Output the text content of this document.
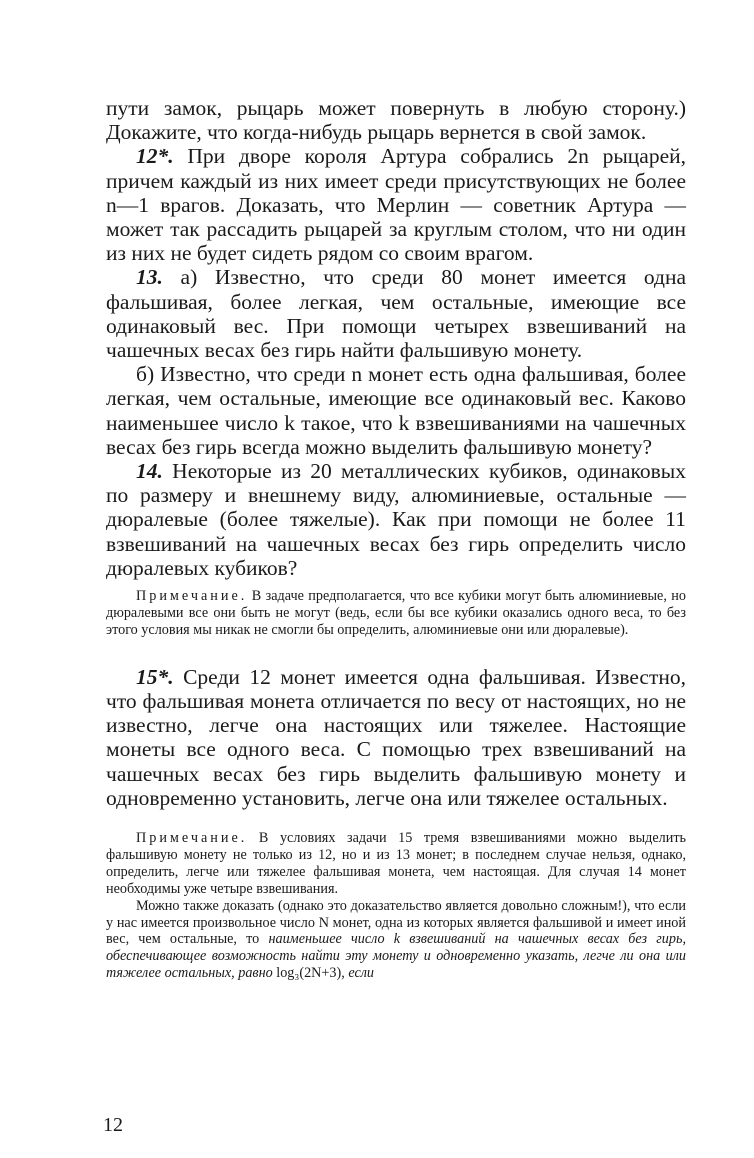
пути замок, рыцарь может повернуть в любую сторону.) Докажите, что когда-нибудь рыцарь вернется в свой замок.

12*. При дворе короля Артура собрались 2n рыцарей, причем каждый из них имеет среди присутствующих не более n—1 врагов. Доказать, что Мерлин — советник Артура — может так рассадить рыцарей за круглым столом, что ни один из них не будет сидеть рядом со своим врагом.

13. а) Известно, что среди 80 монет имеется одна фальшивая, более легкая, чем остальные, имеющие все одинаковый вес. При помощи четырех взвешиваний на чашечных весах без гирь найти фальшивую монету.

б) Известно, что среди n монет есть одна фальшивая, более легкая, чем остальные, имеющие все одинаковый вес. Каково наименьшее число k такое, что k взвешиваниями на чашечных весах без гирь всегда можно выделить фальшивую монету?

14. Некоторые из 20 металлических кубиков, одинаковых по размеру и внешнему виду, алюминиевые, остальные — дюралевые (более тяжелые). Как при помощи не более 11 взвешиваний на чашечных весах без гирь определить число дюралевых кубиков?

Примечание. В задаче предполагается, что все кубики могут быть алюминиевые, но дюралевыми все они быть не могут (ведь, если бы все кубики оказались одного веса, то без этого условия мы никак не смогли бы определить, алюминиевые они или дюралевые).

15*. Среди 12 монет имеется одна фальшивая. Известно, что фальшивая монета отличается по весу от настоящих, но не известно, легче она настоящих или тяжелее. Настоящие монеты все одного веса. С помощью трех взвешиваний на чашечных весах без гирь выделить фальшивую монету и одновременно установить, легче она или тяжелее остальных.

Примечание. В условиях задачи 15 тремя взвешиваниями можно выделить фальшивую монету не только из 12, но и из 13 монет; в последнем случае нельзя, однако, определить, легче или тяжелее фальшивая монета, чем настоящая. Для случая 14 монет необходимы уже четыре взвешивания.

Можно также доказать (однако это доказательство является довольно сложным!), что если у нас имеется произвольное число N монет, одна из которых является фальшивой и имеет иной вес, чем остальные, то наименьшее число k взвешиваний на чашечных весах без гирь, обеспечивающее возможность найти эту монету и одновременно указать, легче ли она или тяжелее остальных, равно log₃(2N+3), если

12
